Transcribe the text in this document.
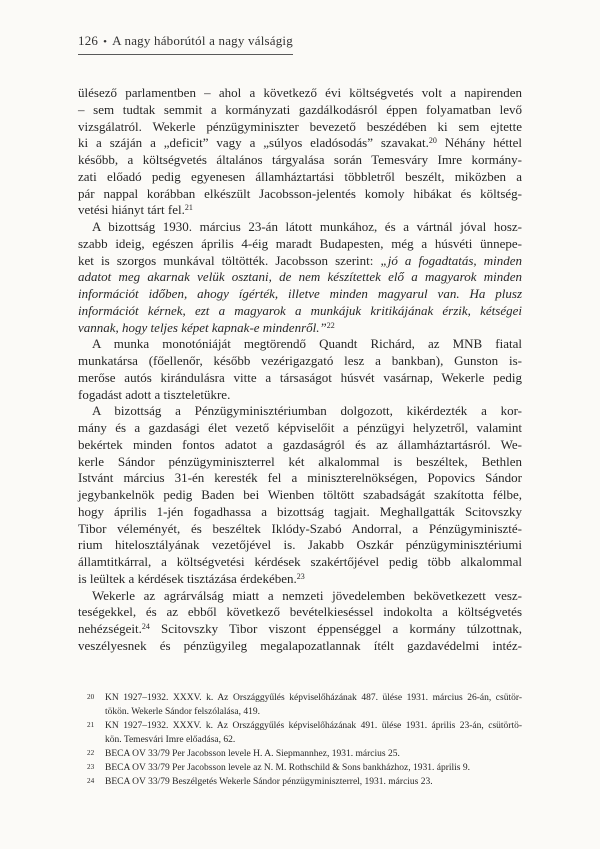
126 • A nagy háborútól a nagy válságig
ülésező parlamentben – ahol a következő évi költségvetés volt a napirenden
– sem tudtak semmit a kormányzati gazdálkodásról éppen folyamatban levő
vizsgálatról. Wekerle pénzügyminiszter bevezető beszédében ki sem ejtette
ki a száján a „deficit” vagy a „súlyos eladósodás” szavakat.$^{20}$ Néhány héttel
később, a költségvetés általános tárgyalása során Temesváry Imre kormány-
zati előadó pedig egyenesen államháztartási többletről beszélt, miközben a
pár nappal korábban elkészült Jacobsson-jelentés komoly hibákat és költség-
vetési hiányt tárt fel.$^{21}$
A bizottság 1930. március 23-án látott munkához, és a vártnál jóval hosz-
szabb ideig, egészen április 4-éig maradt Budapesten, még a húsvéti ünnepe-
ket is szorgos munkával töltötték. Jacobsson szerint: „jó a fogadtatás, minden
adatot meg akarnak velük osztani, de nem készítettek elő a magyarok minden
információt időben, ahogy ígérték, illetve minden magyarul van. Ha plusz
információt kérnek, ezt a magyarok a munkájuk kritikájának érzik, kétségei
vannak, hogy teljes képet kapnak-e mindenről.”$^{22}$
A munka monotóniáját megtörendő Quandt Richárd, az MNB fiatal
munkatársa (főellenőr, később vezérigazgató lesz a bankban), Gunston is-
merőse autós kirándulásra vitte a társaságot húsvét vasárnap, Wekerle pedig
fogadást adott a tiszteletükre.
A bizottság a Pénzügyminisztériumban dolgozott, kikérdezték a kor-
mány és a gazdasági élet vezető képviselőit a pénzügyi helyzetről, valamint
bekértek minden fontos adatot a gazdaságról és az államháztartásról. We-
kerle Sándor pénzügyminiszterrel két alkalommal is beszéltek, Bethlen
Istvánt március 31-én keresték fel a miniszterelnökségen, Popovics Sándor
jegybankelnök pedig Baden bei Wienben töltött szabadságát szakította félbe,
hogy április 1-jén fogadhassa a bizottság tagjait. Meghallgatták Scitovszky
Tibor véleményét, és beszéltek Iklódy-Szabó Andorral, a Pénzügyminiszté-
rium hitelosztályának vezetőjével is. Jakabb Oszkár pénzügyminisztériumi
államtitkárral, a költségvetési kérdések szakértőjével pedig több alkalommal
is leültek a kérdések tisztázása érdekében.$^{23}$
Wekerle az agrárválság miatt a nemzeti jövedelemben bekövetkezett vesz-
teségekkel, és az ebből következő bevételkieséssel indokolta a költségvetés
nehézségeit.$^{24}$ Scitovszky Tibor viszont éppenséggel a kormány túlzottnak,
veszélyesnek és pénzügyileg megalapozatlannak ítélt gazdavédelmi intéz-
20	KN 1927–1932. XXXV. k. Az Országgyűlés képviselőházának 487. ülése 1931. március 26-án, csütör-
tökön. Wekerle Sándor felszólalása, 419.
21	KN 1927–1932. XXXV. k. Az Országgyűlés képviselőházának 491. ülése 1931. április 23-án, csütörtö-
kön. Temesvári Imre előadása, 62.
22	BECA OV 33/79 Per Jacobsson levele H. A. Siepmannhez, 1931. március 25.
23	BECA OV 33/79 Per Jacobsson levele az N. M. Rothschild & Sons bankházhoz, 1931. április 9.
24	BECA OV 33/79 Beszélgetés Wekerle Sándor pénzügyminiszterrel, 1931. március 23.
